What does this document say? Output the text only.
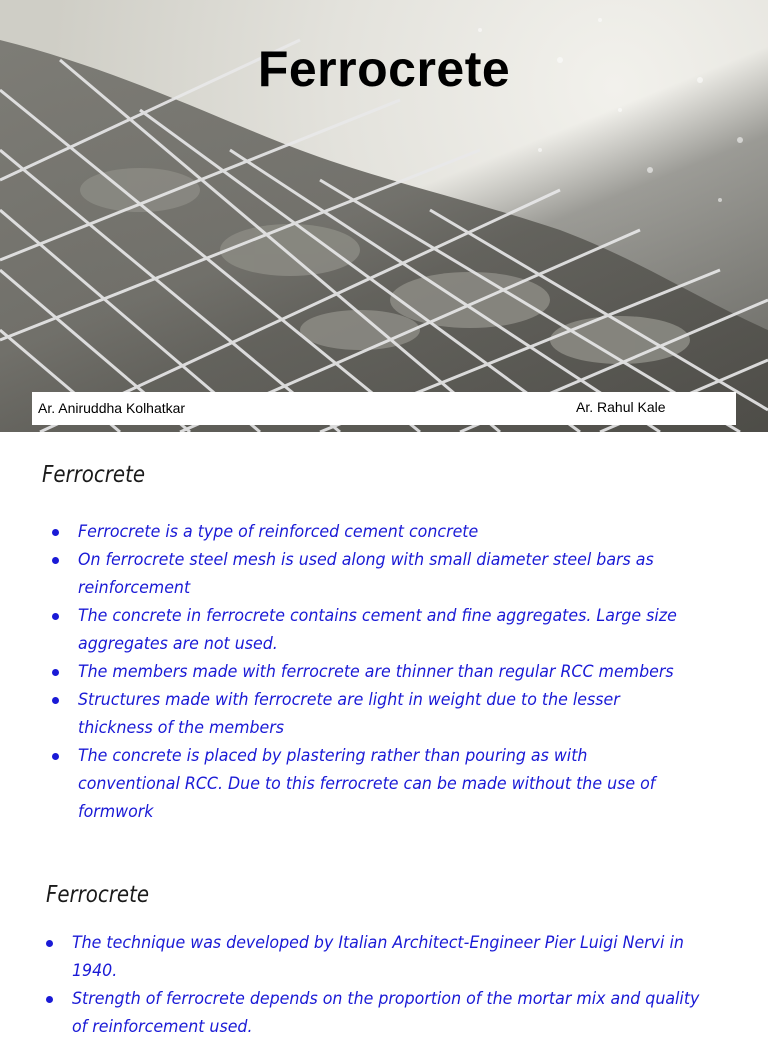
Ferrocrete
Ar. Aniruddha Kolhatkar	Ar. Rahul Kale
Ferrocrete
Ferrocrete is a type of reinforced cement concrete
On ferrocrete steel mesh is used along with small diameter steel bars as reinforcement
The concrete in ferrocrete contains cement and fine aggregates. Large size aggregates are not used.
The members made with ferrocrete are thinner than regular RCC members
Structures made with ferrocrete are light in weight due to the lesser thickness of the members
The concrete is placed by plastering rather than pouring as with conventional RCC. Due to this ferrocrete can be made without the use of formwork
Ferrocrete
The technique was developed by Italian Architect-Engineer Pier Luigi Nervi in 1940.
Strength of ferrocrete depends on the proportion of the mortar mix and quality of reinforcement used.
